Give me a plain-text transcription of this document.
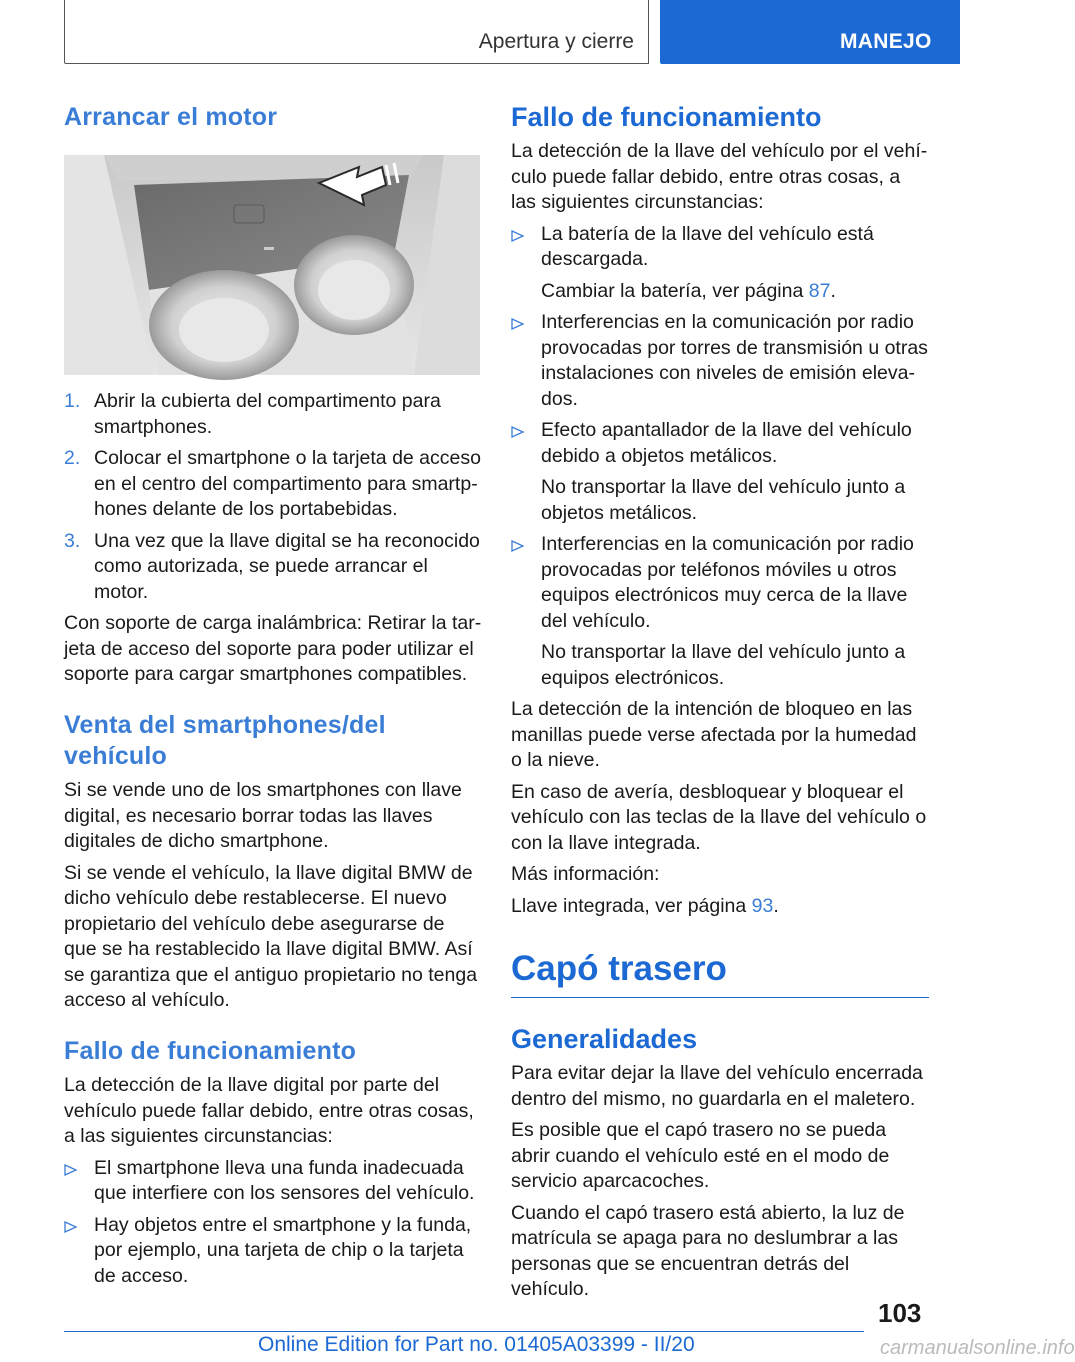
Apertura y cierre	MANEJO
Arrancar el motor
1. Abrir la cubierta del compartimento para smartphones.
2. Colocar el smartphone o la tarjeta de acceso en el centro del compartimento para smartphones delante de los portabebidas.
3. Una vez que la llave digital se ha reconocido como autorizada, se puede arrancar el motor.

Con soporte de carga inalámbrica: Retirar la tarjeta de acceso del soporte para poder utilizar el soporte para cargar smartphones compatibles.

Venta del smartphones/del vehículo

Si se vende uno de los smartphones con llave digital, es necesario borrar todas las llaves digitales de dicho smartphone.

Si se vende el vehículo, la llave digital BMW de dicho vehículo debe restablecerse. El nuevo propietario del vehículo debe asegurarse de que se ha restablecido la llave digital BMW. Así se garantiza que el antiguo propietario no tenga acceso al vehículo.

Fallo de funcionamiento

La detección de la llave digital por parte del vehículo puede fallar debido, entre otras cosas, a las siguientes circunstancias:

El smartphone lleva una funda inadecuada que interfiere con los sensores del vehículo.

Hay objetos entre el smartphone y la funda, por ejemplo, una tarjeta de chip o la tarjeta de acceso.

Fallo de funcionamiento

La detección de la llave del vehículo por el vehículo puede fallar debido, entre otras cosas, a las siguientes circunstancias:

La batería de la llave del vehículo está descargada.

Cambiar la batería, ver página 87.

Interferencias en la comunicación por radio provocadas por torres de transmisión u otras instalaciones con niveles de emisión elevados.

Efecto apantallador de la llave del vehículo debido a objetos metálicos.

No transportar la llave del vehículo junto a objetos metálicos.

Interferencias en la comunicación por radio provocadas por teléfonos móviles u otros equipos electrónicos muy cerca de la llave del vehículo.

No transportar la llave del vehículo junto a equipos electrónicos.

La detección de la intención de bloqueo en las manillas puede verse afectada por la humedad o la nieve.

En caso de avería, desbloquear y bloquear el vehículo con las teclas de la llave del vehículo o con la llave integrada.

Más información:

Llave integrada, ver página 93.

Capó trasero
Generalidades

Para evitar dejar la llave del vehículo encerrada dentro del mismo, no guardarla en el maletero.

Es posible que el capó trasero no se pueda abrir cuando el vehículo esté en el modo de servicio aparcacoches.

Cuando el capó trasero está abierto, la luz de matrícula se apaga para no deslumbrar a las personas que se encuentran detrás del vehículo.

103
Online Edition for Part no. 01405A03399 - II/20	carmanualsonline.info
